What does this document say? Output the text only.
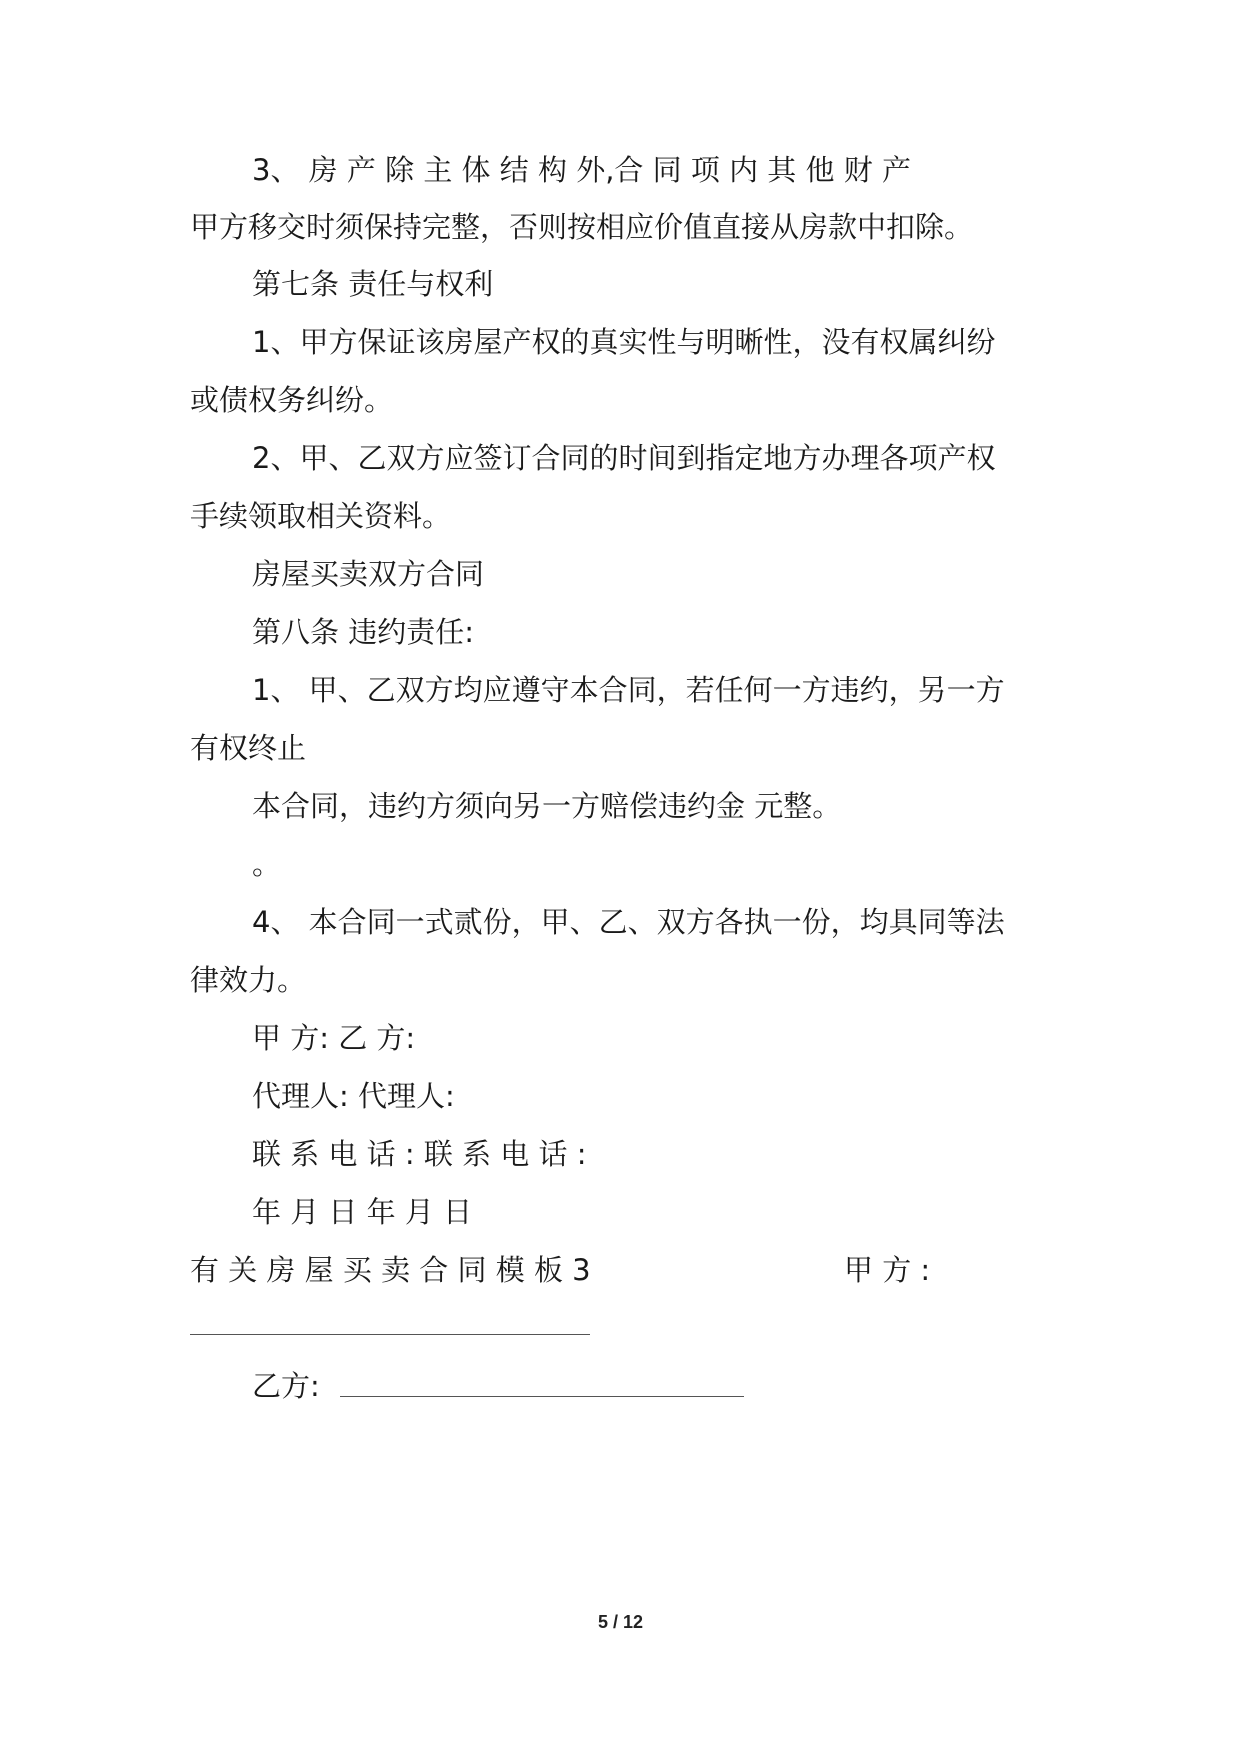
3、 房 产 除 主 体 结 构 外,合 同 项 内 其 他 财 产
甲方移交时须保持完整，否则按相应价值直接从房款中扣除。
第七条 责任与权利
1、甲方保证该房屋产权的真实性与明晰性，没有权属纠纷
或债权务纠纷。
2、甲、乙双方应签订合同的时间到指定地方办理各项产权
手续领取相关资料。
房屋买卖双方合同
第八条 违约责任:
1、 甲、乙双方均应遵守本合同，若任何一方违约，另一方
有权终止
本合同，违约方须向另一方赔偿违约金 元整。
。
4、 本合同一式贰份，甲、乙、双方各执一份，均具同等法
律效力。
甲 方: 乙 方:
代理人: 代理人:
联 系 电 话 : 联 系 电 话 :
年 月 日 年 月 日
有 关 房 屋 买 卖 合 同 模 板 3	甲 方 :
乙方:
5 / 12
